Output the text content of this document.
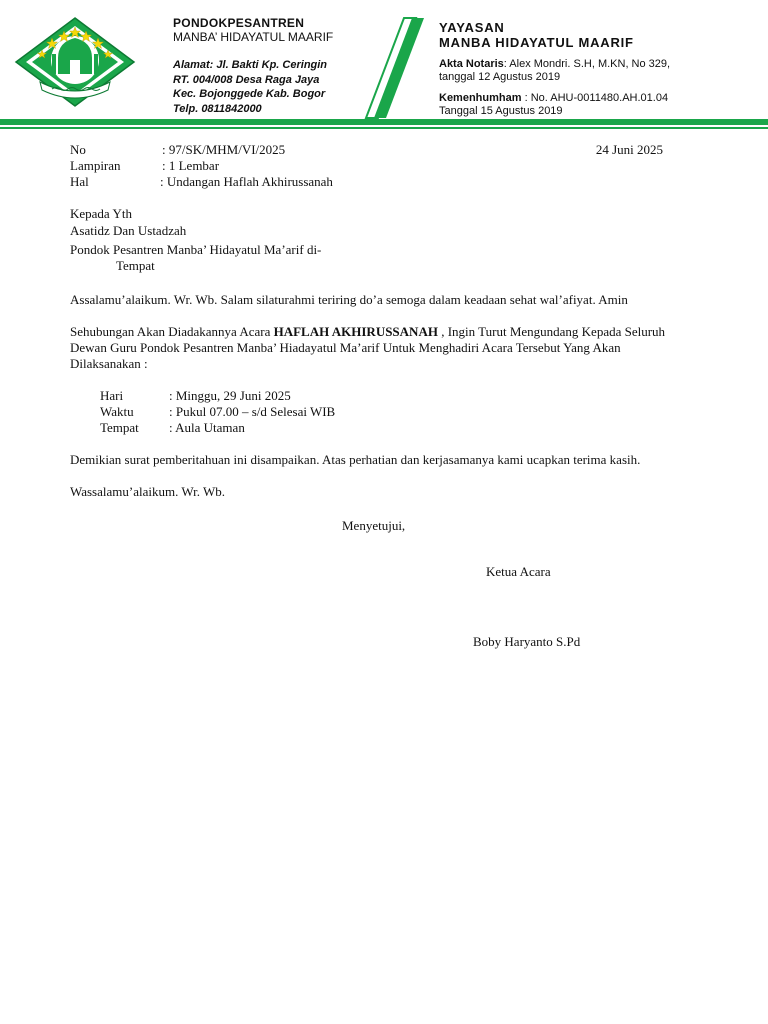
PONDOKPESANTREN
MANBA’ HIDAYATUL MAARIF
Alamat: Jl. Bakti Kp. Ceringin
RT. 004/008 Desa Raga Jaya
Kec. Bojonggede Kab. Bogor
Telp. 0811842000
YAYASAN
MANBA HIDAYATUL MAARIF
Akta Notaris: Alex Mondri. S.H, M.KN, No 329,
tanggal 12 Agustus 2019
Kemenhumham : No. AHU-0011480.AH.01.04
Tanggal 15 Agustus 2019
24 Juni 2025
No	: 97/SK/MHM/VI/2025
Lampiran	: 1 Lembar
Hal	: Undangan Haflah Akhirussanah

Kepada Yth

Asatidz Dan Ustadzah

Pondok Pesantren Manba’ Hidayatul Ma’arif di-

Tempat

Assalamu’alaikum. Wr. Wb. Salam silaturahmi teriring do’a semoga dalam keadaan sehat wal’afiyat. Amin

Sehubungan Akan Diadakannya Acara HAFLAH AKHIRUSSANAH , Ingin Turut Mengundang Kepada Seluruh Dewan Guru Pondok Pesantren Manba’ Hiadayatul Ma’arif Untuk Menghadiri Acara Tersebut Yang Akan Dilaksanakan :

Hari	: Minggu, 29 Juni 2025
Waktu	: Pukul 07.00 – s/d Selesai WIB
Tempat	: Aula Utaman

Demikian surat pemberitahuan ini disampaikan. Atas perhatian dan kerjasamanya kami ucapkan terima kasih.

Wassalamu’alaikum. Wr. Wb.

Menyetujui,

Ketua Acara

Boby Haryanto S.Pd
